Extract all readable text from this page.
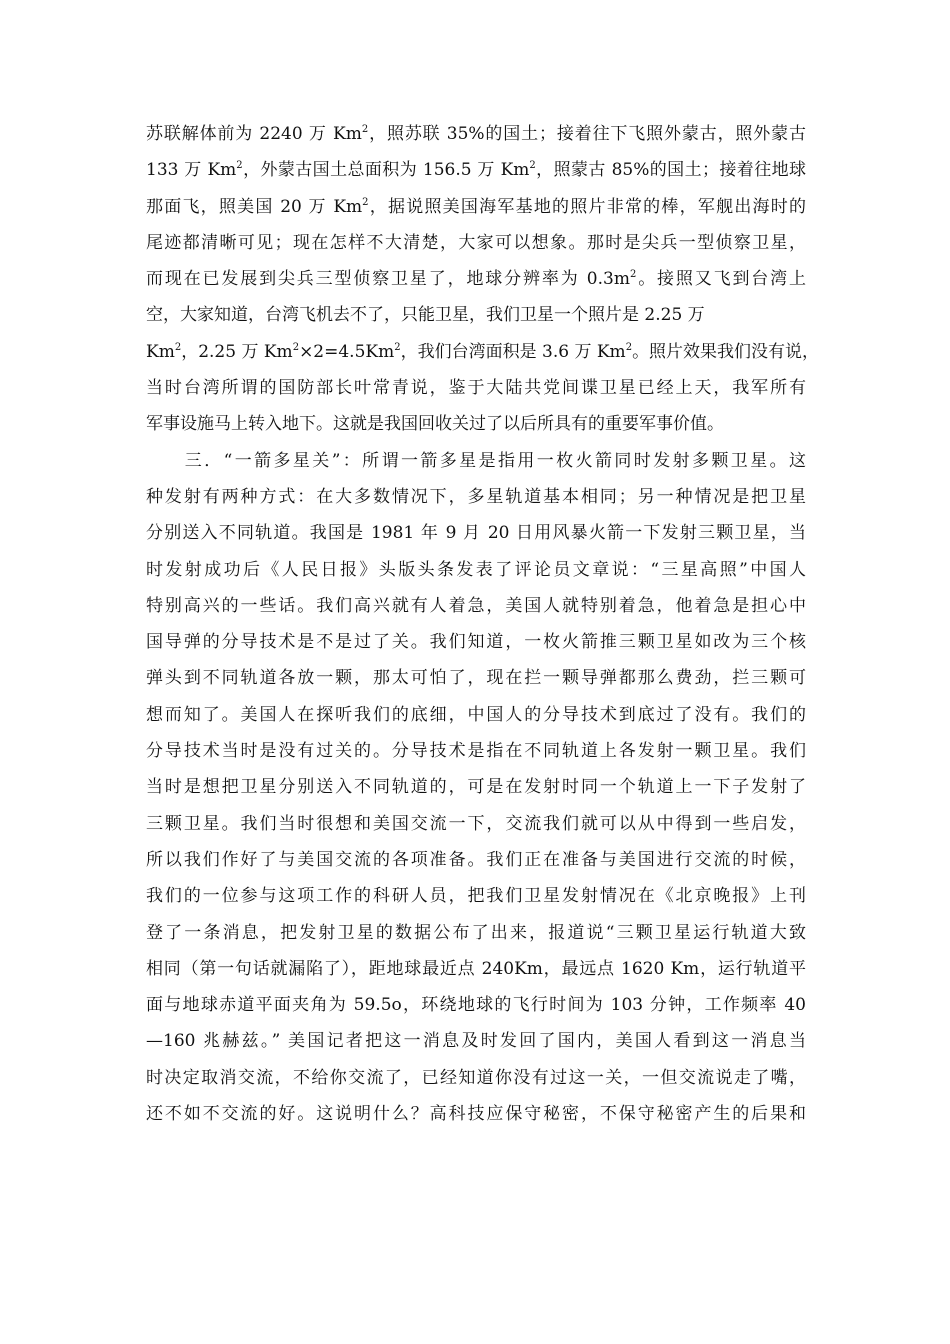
苏联解体前为 2240 万 Km$^2$，照苏联 35%的国土；接着往下飞照外蒙古，照外蒙古
133 万 Km$^2$，外蒙古国土总面积为 156.5 万 Km$^2$，照蒙古 85%的国土；接着往地球
那面飞，照美国 20 万 Km$^2$，据说照美国海军基地的照片非常的棒，军舰出海时的
尾迹都清晰可见；现在怎样不大清楚，大家可以想象。那时是尖兵一型侦察卫星，
而现在已发展到尖兵三型侦察卫星了，地球分辨率为 $0.3m^2$。接照又飞到台湾上
空，大家知道，台湾飞机去不了，只能卫星，我们卫星一个照片是 2.25 万
Km$^2$，2.25 万 $Km^2\times 2=4.5Km^2$，我们台湾面积是 3.6 万 Km$^2$。照片效果我们没有说，
当时台湾所谓的国防部长叶常青说，鉴于大陆共党间谍卫星已经上天，我军所有
军事设施马上转入地下。这就是我国回收关过了以后所具有的重要军事价值。
　　三．“一箭多星关”：所谓一箭多星是指用一枚火箭同时发射多颗卫星。这
种发射有两种方式：在大多数情况下，多星轨道基本相同；另一种情况是把卫星
分别送入不同轨道。我国是 1981 年 9 月 20 日用风暴火箭一下发射三颗卫星，当
时发射成功后《人民日报》头版头条发表了评论员文章说：“三星高照”中国人
特别高兴的一些话。我们高兴就有人着急，美国人就特别着急，他着急是担心中
国导弹的分导技术是不是过了关。我们知道，一枚火箭推三颗卫星如改为三个核
弹头到不同轨道各放一颗，那太可怕了，现在拦一颗导弹都那么费劲，拦三颗可
想而知了。美国人在探听我们的底细，中国人的分导技术到底过了没有。我们的
分导技术当时是没有过关的。分导技术是指在不同轨道上各发射一颗卫星。我们
当时是想把卫星分别送入不同轨道的，可是在发射时同一个轨道上一下子发射了
三颗卫星。我们当时很想和美国交流一下，交流我们就可以从中得到一些启发，
所以我们作好了与美国交流的各项准备。我们正在准备与美国进行交流的时候，
我们的一位参与这项工作的科研人员，把我们卫星发射情况在《北京晚报》上刊
登了一条消息，把发射卫星的数据公布了出来，报道说“三颗卫星运行轨道大致
相同（第一句话就漏陷了），距地球最近点 240Km，最远点 1620 Km，运行轨道平
面与地球赤道平面夹角为 59.5o，环绕地球的飞行时间为 103 分钟，工作频率 40
—160 兆赫兹。” 美国记者把这一消息及时发回了国内，美国人看到这一消息当
时决定取消交流，不给你交流了，已经知道你没有过这一关，一但交流说走了嘴，
还不如不交流的好。这说明什么？高科技应保守秘密，不保守秘密产生的后果和
